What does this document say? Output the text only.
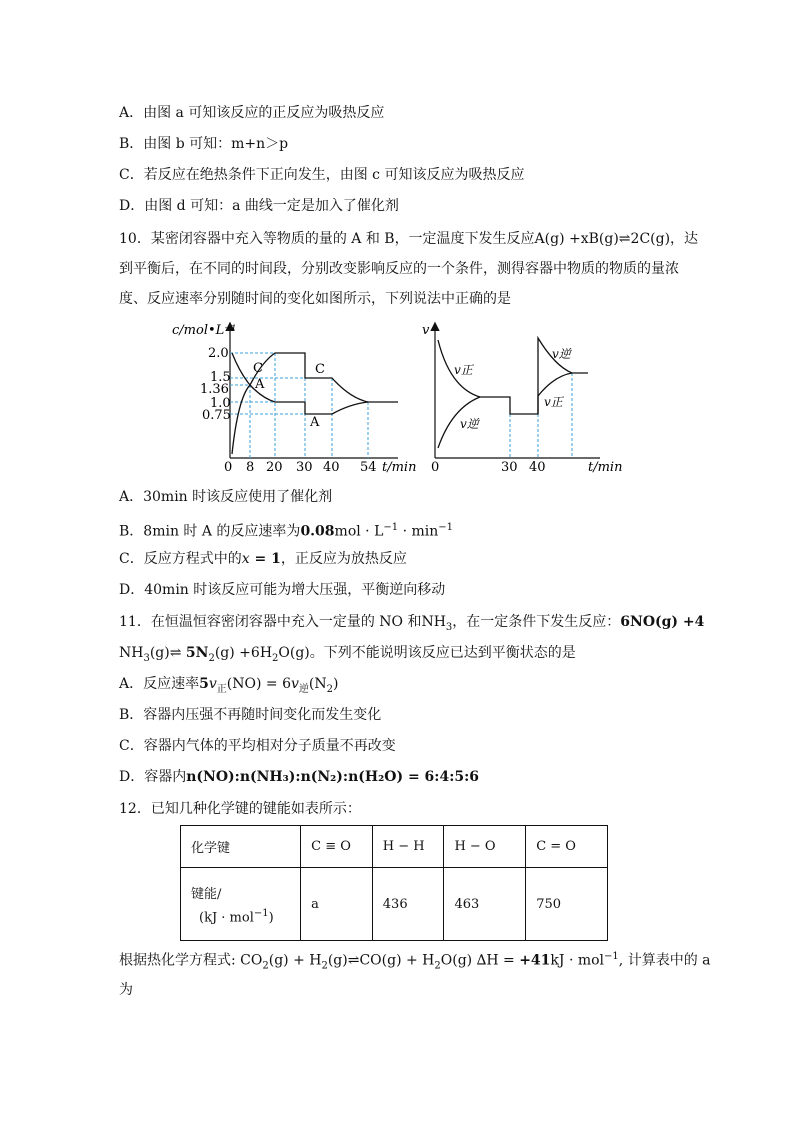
A．由图 a 可知该反应的正反应为吸热反应
B．由图 b 可知：m+n＞p
C．若反应在绝热条件下正向发生，由图 c 可知该反应为吸热反应
D．由图 d 可知：a 曲线一定是加入了催化剂
10．某密闭容器中充入等物质的量的 A 和 B，一定温度下发生反应A(g) +xB(g)⇌2C(g)，达
到平衡后，在不同的时间段，分别改变影响反应的一个条件，测得容器中物质的物质的量浓
度、反应速率分别随时间的变化如图所示，下列说法中正确的是
c/mol•L⁻¹
C
A
C
A
2.0
1.5
1.36
1.0
0.75
0 8 20 30 40 54 t/min
v
v正
v逆
v逆
v正
0	30 40	t/min
A．30min 时该反应使用了催化剂
B．8min 时 A 的反应速率为$0.08mol \cdot L^{-1} \cdot \min^{-1}$
C．反应方程式中的x = 1，正反应为放热反应
D．40min 时该反应可能为增大压强，平衡逆向移动
11．在恒温恒容密闭容器中充入一定量的 NO 和$NH_3$，在一定条件下发生反应：6NO(g) +4
$NH_3(g)\rightleftharpoons$ $5N_2(g) +6H_2O(g)$。下列不能说明该反应已达到平衡状态的是
A．反应速率$5v_正(NO) = 6v_逆(N_2)$
B．容器内压强不再随时间变化而发生变化
C．容器内气体的平均相对分子质量不再改变
D．容器内n(NO):n(NH₃):n(N₂):n(H₂O) = 6:4:5:6
12．已知几种化学键的键能如表所示：
化学键	C ≡ O	H − H	H − O	C = O

键能/
(kJ · mol$^{-1}$)	a	436	463	750
根据热化学方程式: $CO_2(g)$ + $H_2(g)\rightleftharpoons CO(g) + H_2O(g) \Delta H = +41kJ \cdot mol^{-1}$, 计算表中的 a
为
